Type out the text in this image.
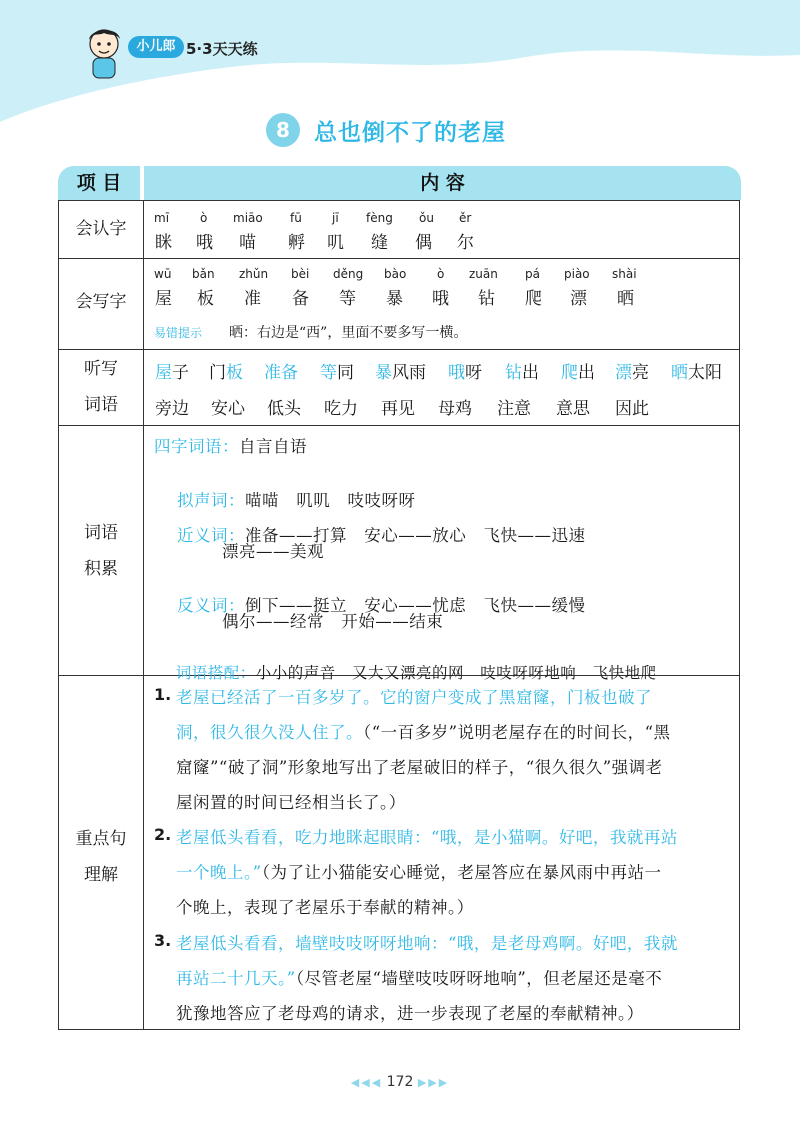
小儿郎 5·3天天练
8	总也倒不了的老屋
项 目	内 容
会认字
mī
眯
ò
哦
miāo
喵
fū
孵
jī
叽
fèng
缝
ǒu
偶
ěr
尔
会写字
wū
屋
bǎn
板
zhǔn
准
bèi
备
děng
等
bào
暴
ò
哦
zuān
钻
pá
爬
piào
漂
shài
晒
易错提示 晒：右边是“西”，里面不要多写一横。
听写
词语
屋子 门板 准备 等同 暴风雨 哦呀 钻出 爬出 漂亮 晒太阳
旁边 安心 低头 吃力 再见 母鸡 注意 意思 因此
词语
积累
四字词语：自言自语

拟声词：喵喵   叽叽   吱吱呀呀

近义词：准备——打算   安心——放心   飞快——迅速

漂亮——美观

反义词：倒下——挺立   安心——忧虑   飞快——缓慢

偶尔——经常   开始——结束

词语搭配：小小的声音   又大又漂亮的网   吱吱呀呀地响   飞快地爬

重点句
理解
1. 老屋已经活了一百多岁了。它的窗户变成了黑窟窿，门板也破了
洞，很久很久没人住了。（“一百多岁”说明老屋存在的时间长，“黑
窟窿”“破了洞”形象地写出了老屋破旧的样子，“很久很久”强调老
屋闲置的时间已经相当长了。）
2. 老屋低头看看，吃力地眯起眼睛：“哦，是小猫啊。好吧，我就再站
一个晚上。”（为了让小猫能安心睡觉，老屋答应在暴风雨中再站一
个晚上，表现了老屋乐于奉献的精神。）
3. 老屋低头看看，墙壁吱吱呀呀地响：“哦，是老母鸡啊。好吧，我就
再站二十几天。”（尽管老屋“墙壁吱吱呀呀地响”，但老屋还是毫不
犹豫地答应了老母鸡的请求，进一步表现了老屋的奉献精神。）
◀◀◀ 172 ▶▶▶
